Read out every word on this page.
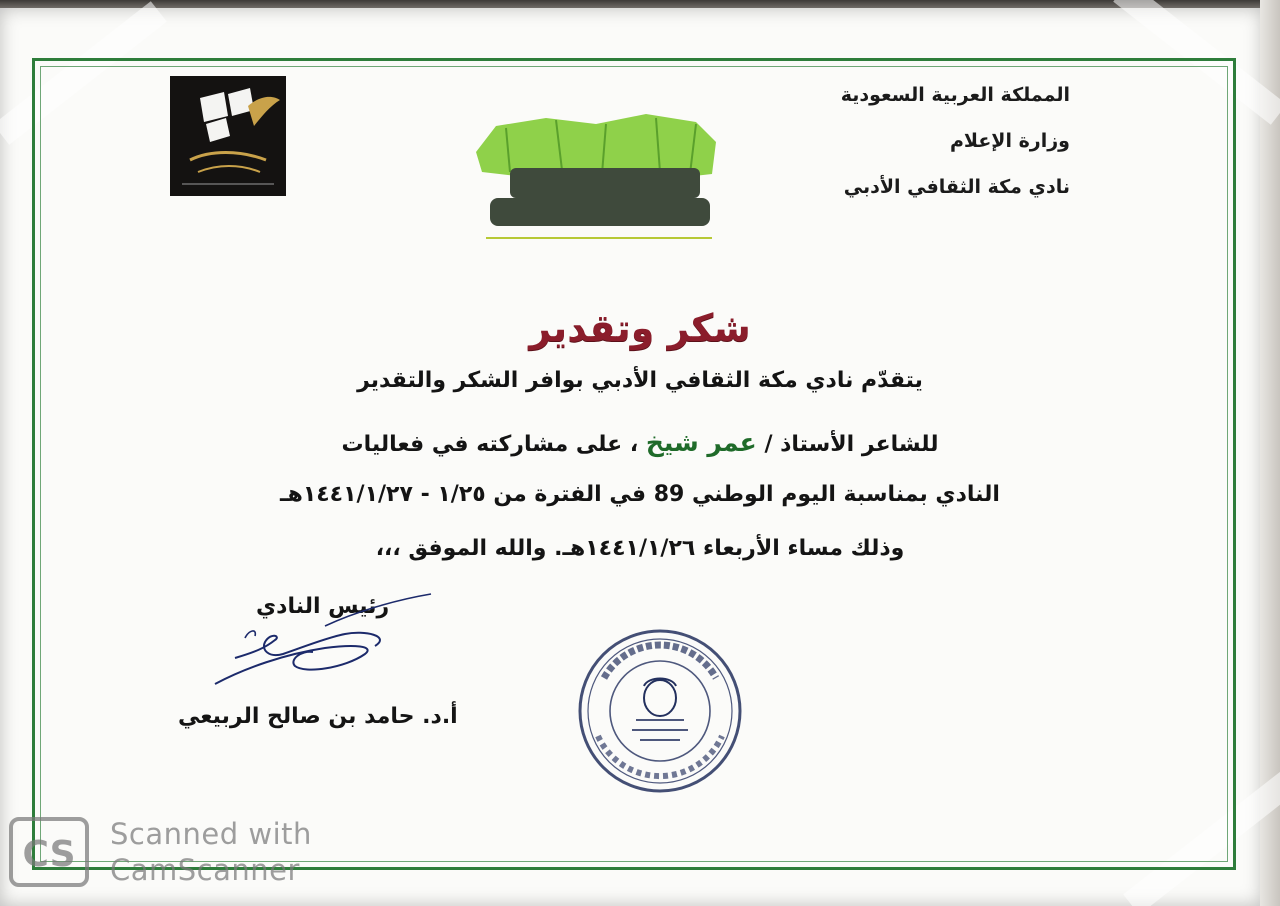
المملكة العربية السعودية
وزارة الإعلام
نادي مكة الثقافي الأدبي
شكر وتقدير
يتقدّم نادي مكة الثقافي الأدبي بوافر الشكر والتقدير
للشاعر الأستاذ / عمر شيخ ، على مشاركته في فعاليات
النادي بمناسبة اليوم الوطني 89 في الفترة من ١/٢٥ - ١٤٤١/١/٢٧هـ
وذلك مساء الأربعاء ١٤٤١/١/٢٦هـ. والله الموفق ،،،
رئيس النادي
أ.د. حامد بن صالح الربيعي
CS Scanned with
CamScanner
